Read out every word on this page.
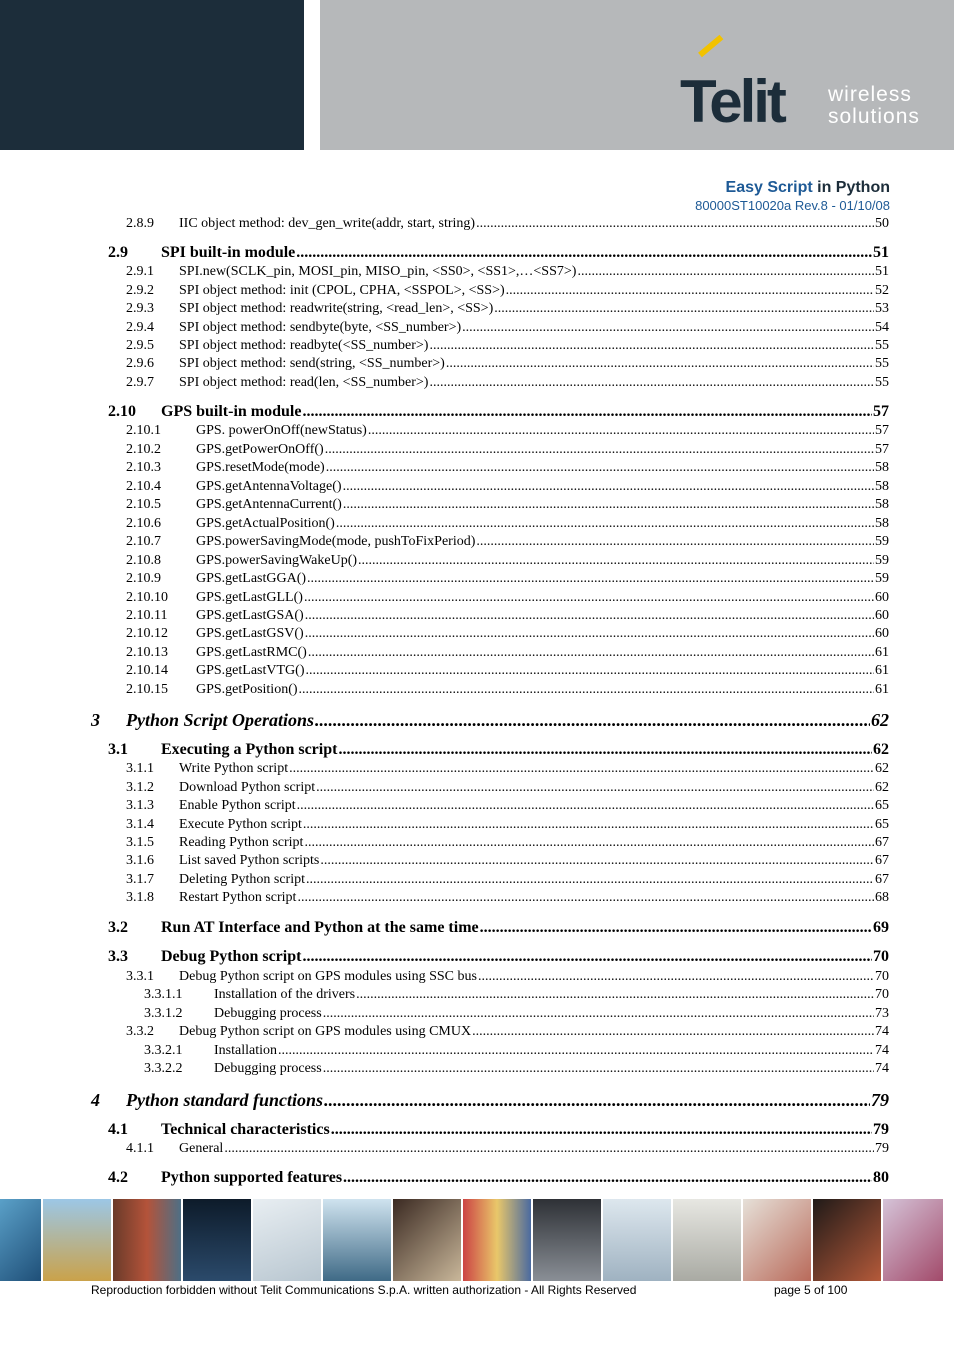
Telit wireless
solutions
Easy Script in Python
80000ST10020a Rev.8 - 01/10/08
2.8.9	IIC object method: dev_gen_write(addr, start, string) .....	50
2.9	SPI built-in module .....	51
2.9.1	SPI.new(SCLK_pin, MOSI_pin, MISO_pin, <SS0>, <SS1>,…<SS7>) .....	51
2.9.2	SPI object method: init (CPOL, CPHA, <SSPOL>, <SS>) .....	52
2.9.3	SPI object method: readwrite(string, <read_len>, <SS>) .....	53
2.9.4	SPI object method: sendbyte(byte, <SS_number>) .....	54
2.9.5	SPI object method: readbyte(<SS_number>) .....	55
2.9.6	SPI object method: send(string, <SS_number>) .....	55
2.9.7	SPI object method: read(len, <SS_number>) .....	55
2.10	GPS built-in module .....	57
2.10.1	GPS. powerOnOff(newStatus) .....	57
2.10.2	GPS.getPowerOnOff() .....	57
2.10.3	GPS.resetMode(mode) .....	58
2.10.4	GPS.getAntennaVoltage() .....	58
2.10.5	GPS.getAntennaCurrent() .....	58
2.10.6	GPS.getActualPosition() .....	58
2.10.7	GPS.powerSavingMode(mode, pushToFixPeriod) .....	59
2.10.8	GPS.powerSavingWakeUp() .....	59
2.10.9	GPS.getLastGGA() .....	59
2.10.10	GPS.getLastGLL() .....	60
2.10.11	GPS.getLastGSA() .....	60
2.10.12	GPS.getLastGSV() .....	60
2.10.13	GPS.getLastRMC() .....	61
2.10.14	GPS.getLastVTG() .....	61
2.10.15	GPS.getPosition() .....	61
3	Python Script Operations .....	62
3.1	Executing a Python script .....	62
3.1.1	Write Python script .....	62
3.1.2	Download Python script .....	62
3.1.3	Enable Python script .....	65
3.1.4	Execute Python script .....	65
3.1.5	Reading Python script .....	67
3.1.6	List saved Python scripts .....	67
3.1.7	Deleting Python script .....	67
3.1.8	Restart Python script .....	68
3.2	Run AT Interface and Python at the same time .....	69
3.3	Debug Python script .....	70
3.3.1	Debug Python script on GPS modules using SSC bus .....	70
3.3.1.1	Installation of the drivers .....	70
3.3.1.2	Debugging process .....	73
3.3.2	Debug Python script on GPS modules using CMUX .....	74
3.3.2.1	Installation .....	74
3.3.2.2	Debugging process .....	74
4	Python standard functions .....	79
4.1	Technical characteristics .....	79
4.1.1	General .....	79
4.2	Python supported features .....	80
Reproduction forbidden without Telit Communications S.p.A. written authorization - All Rights Reserved	page 5 of 100
